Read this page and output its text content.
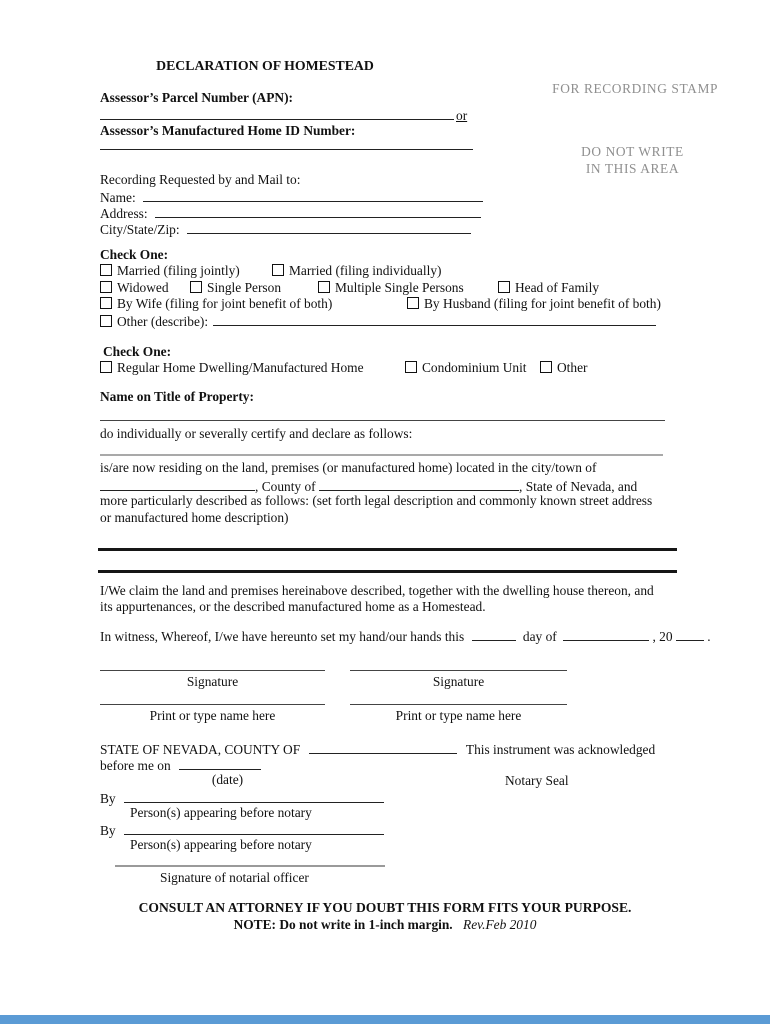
DECLARATION OF HOMESTEAD
FOR RECORDING STAMP
DO NOT WRITE
IN THIS AREA
Assessor’s Parcel Number (APN):
or
Assessor’s Manufactured Home ID Number:
Recording Requested by and Mail to:
Name:
Address:
City/State/Zip:
Check One:
Married (filing jointly)	Married (filing individually)
Widowed	Single Person	Multiple Single Persons	Head of Family
By Wife (filing for joint benefit of both)	By Husband (filing for joint benefit of both)
Other (describe):
Check One:
Regular Home Dwelling/Manufactured Home	Condominium Unit	Other
Name on Title of Property:
do individually or severally certify and declare as follows:
is/are now residing on the land, premises (or manufactured home) located in the city/town of
, County of	, State of Nevada, and
more particularly described as follows: (set forth legal description and commonly known street address
or manufactured home description)
I/We claim the land and premises hereinabove described, together with the dwelling house thereon, and
its appurtenances, or the described manufactured home as a Homestead.
In witness, Whereof, I/we have hereunto set my hand/our hands this	day of	, 20	.
Signature	Signature
Print or type name here	Print or type name here
STATE OF NEVADA, COUNTY OF	This instrument was acknowledged
before me on
(date)	Notary Seal
By
Person(s) appearing before notary
By
Person(s) appearing before notary
Signature of notarial officer
CONSULT AN ATTORNEY IF YOU DOUBT THIS FORM FITS YOUR PURPOSE.
NOTE: Do not write in 1-inch margin. Rev.Feb 2010
